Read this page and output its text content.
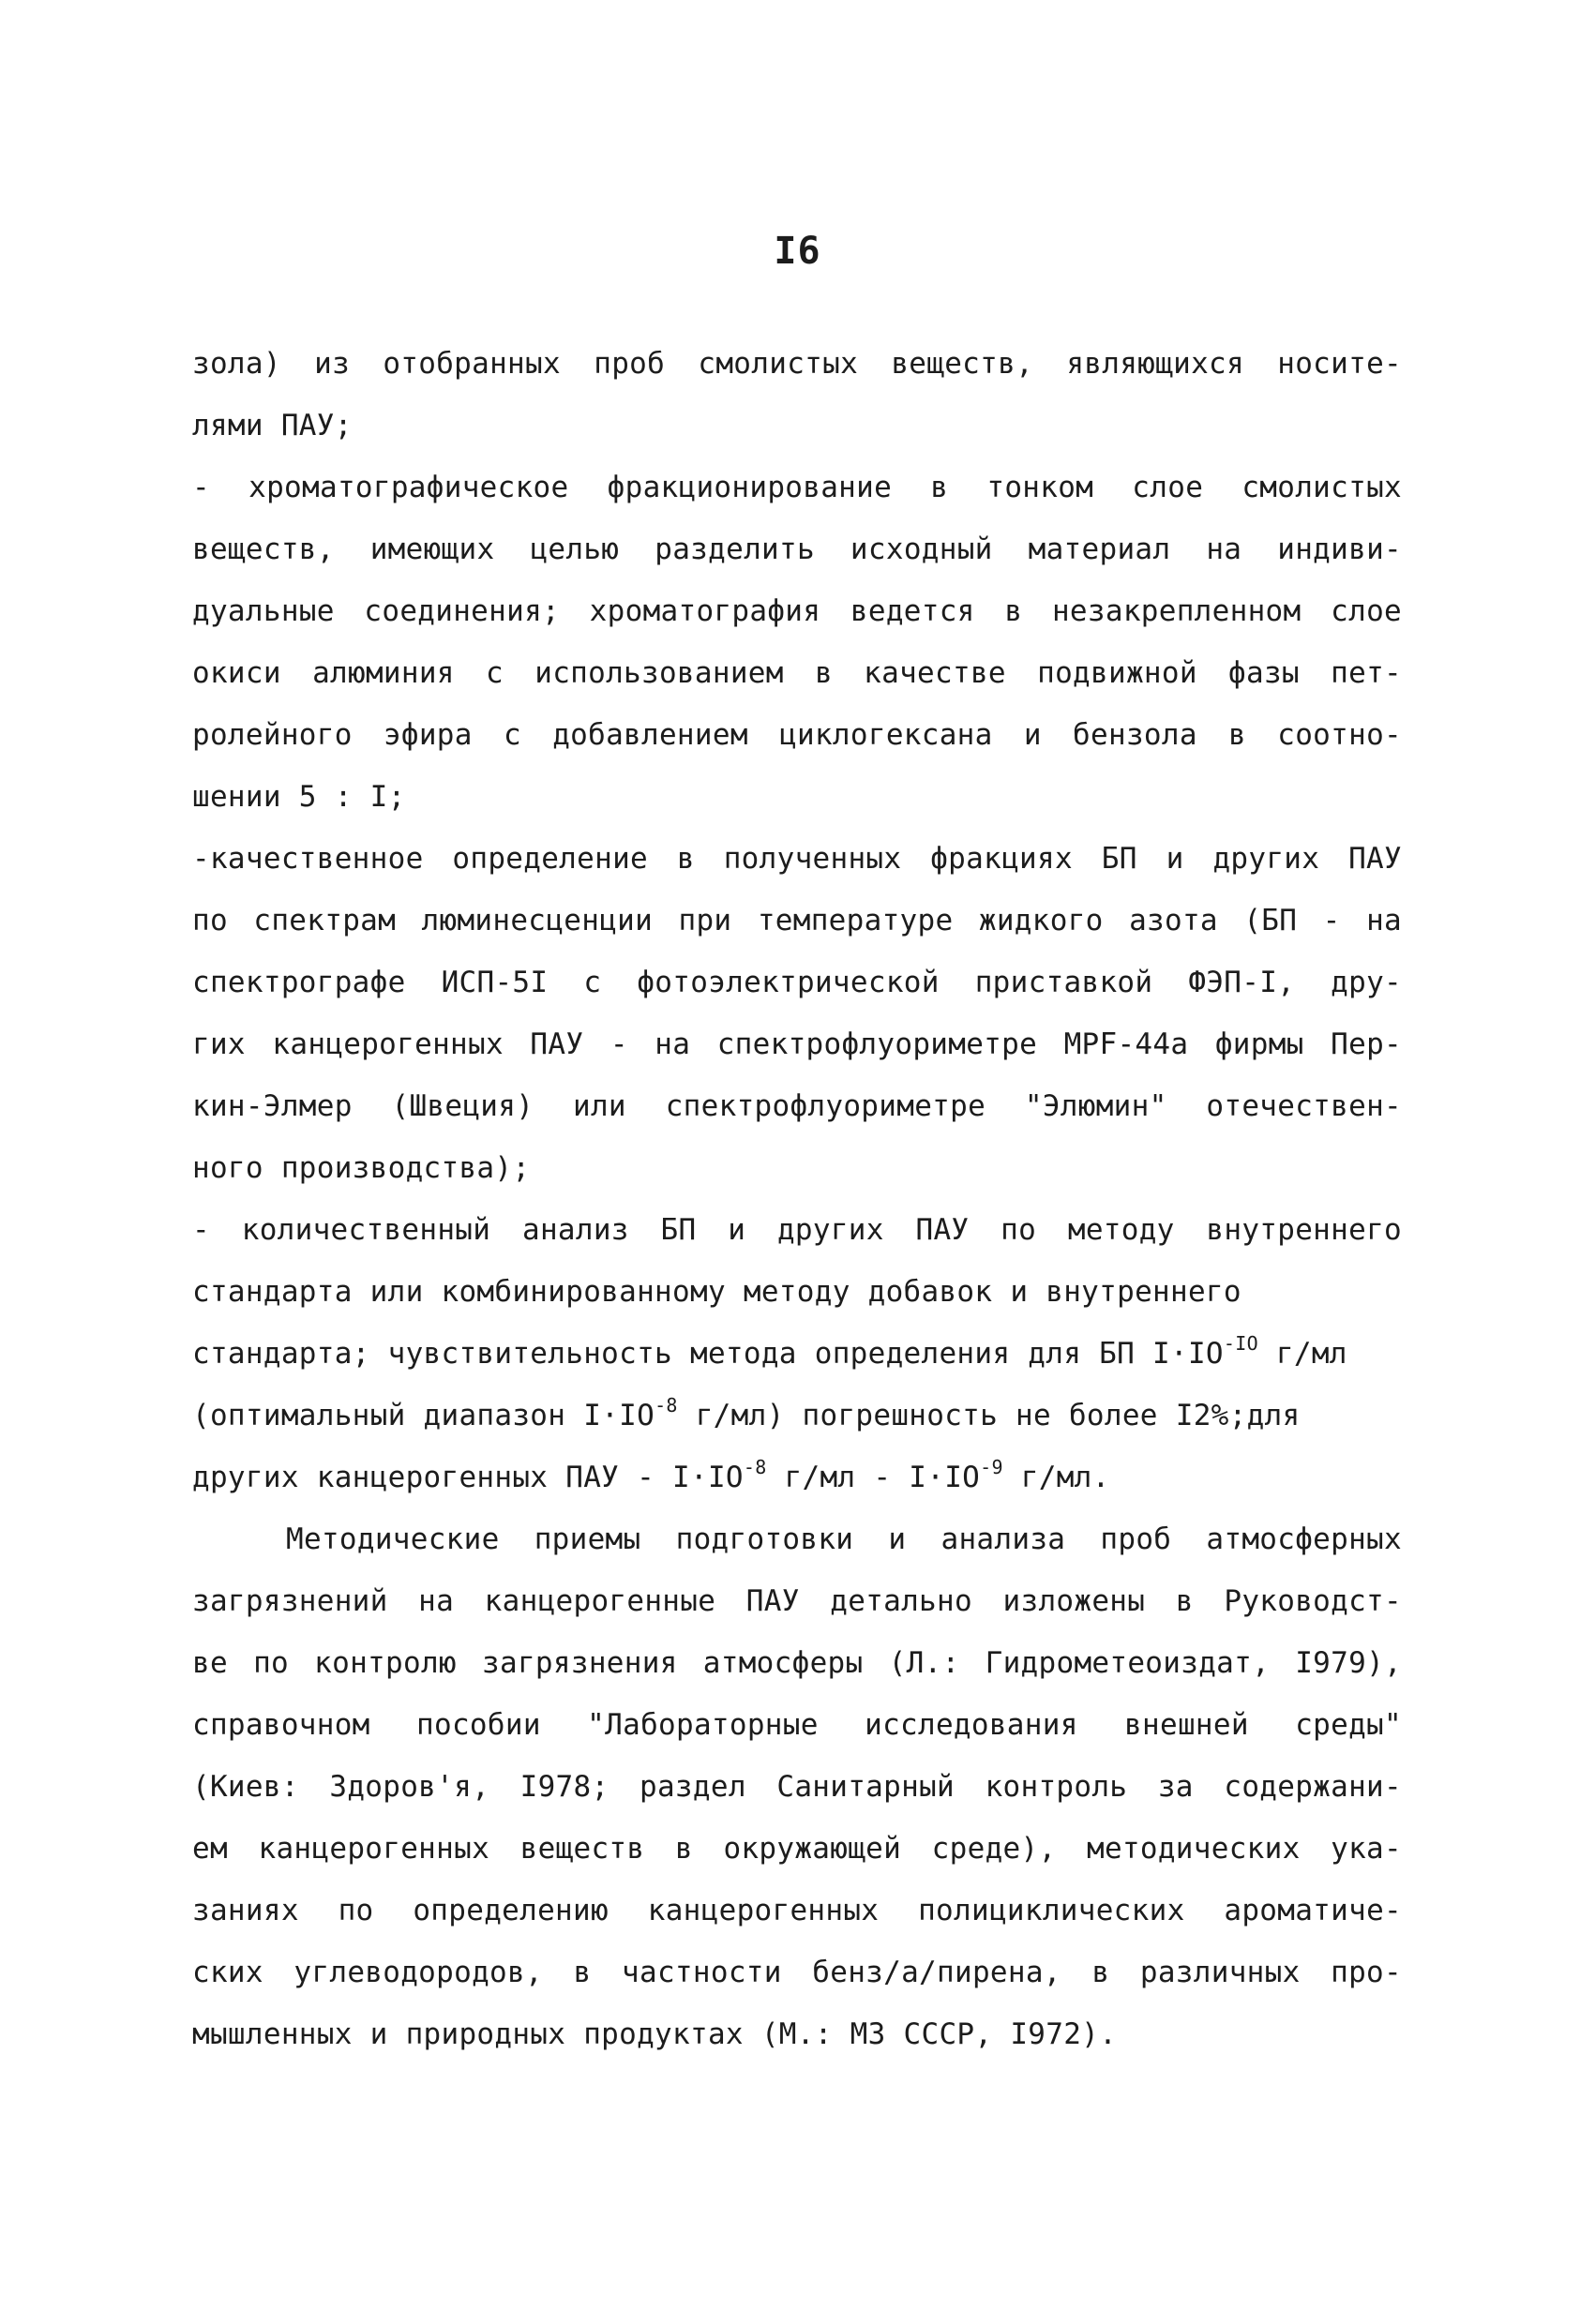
I6
зола) из отобранных проб смолистых веществ, являющихся носите-
лями ПАУ;
- хроматографическое фракционирование в тонком слое смолистых
веществ, имеющих целью разделить исходный материал на индиви-
дуальные соединения; хроматография ведется в незакрепленном слое
окиси алюминия с использованием в качестве подвижной фазы пет-
ролейного эфира с добавлением циклогексана и бензола в соотно-
шении 5 : I;
-качественное определение в полученных фракциях БП и других ПАУ
по спектрам люминесценции при температуре жидкого азота (БП - на
спектрографе ИСП-5I с фотоэлектрической приставкой ФЭП-I, дру-
гих канцерогенных ПАУ - на спектрофлуориметре МРF-44а фирмы Пер-
кин-Элмер (Швеция) или спектрофлуориметре "Элюмин" отечествен-
ного производства);
- количественный анализ БП и других ПАУ по методу внутреннего
стандарта или комбинированному методу добавок и внутреннего
стандарта; чувствительность метода определения для БП $I\cdot IO^{-IO}$ г/мл
(оптимальный диапазон $I\cdot IO^{-8}$ г/мл) погрешность не более I2%;для
других канцерогенных ПАУ - $I\cdot IO^{-8}$ $г/мл - I\cdot IO^{-9}$ г/мл.
Методические приемы подготовки и анализа проб атмосферных
загрязнений на канцерогенные ПАУ детально изложены в Руководст-
ве по контролю загрязнения атмосферы (Л.: Гидрометеоиздат, I979),
справочном пособии "Лабораторные исследования внешней среды"
(Киев: Здоров'я, I978; раздел Санитарный контроль за содержани-
ем канцерогенных веществ в окружающей среде), методических ука-
заниях по определению канцерогенных полициклических ароматиче-
ских углеводородов, в частности бенз/а/пирена, в различных про-
мышленных и природных продуктах (М.: МЗ СССР, I972).
